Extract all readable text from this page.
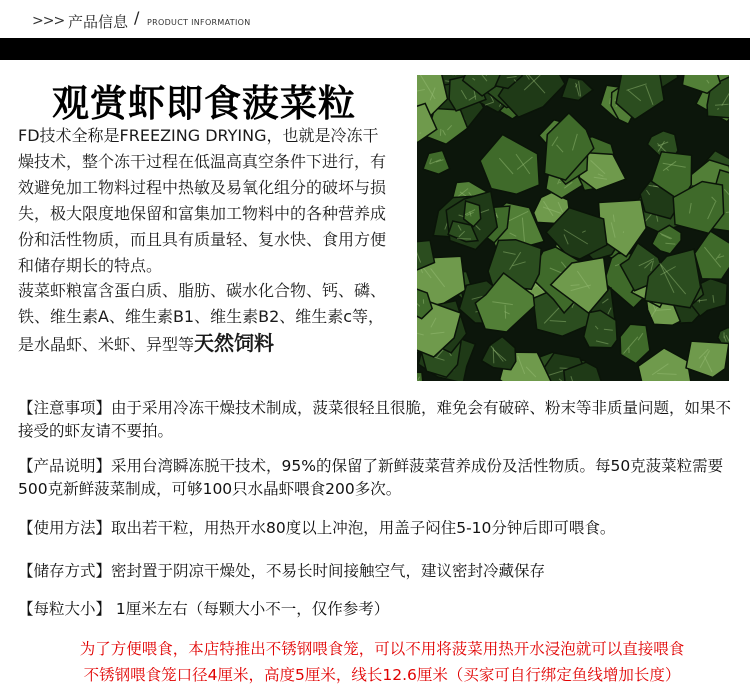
>>> 产品信息 / PRODUCT INFORMATION
观赏虾即食菠菜粒
FD技术全称是FREEZING DRYING，也就是冷冻干燥技术，整个冻干过程在低温高真空条件下进行，有效避免加工物料过程中热敏及易氧化组分的破坏与损失，极大限度地保留和富集加工物料中的各种营养成份和活性物质，而且具有质量轻、复水快、食用方便和储存期长的特点。
菠菜虾粮富含蛋白质、脂肪、碳水化合物、钙、磷、铁、维生素A、维生素B1、维生素B2、维生素c等，是水晶虾、米虾、异型等天然饲料
【注意事项】由于采用冷冻干燥技术制成，菠菜很轻且很脆，难免会有破碎、粉末等非质量问题，如果不接受的虾友请不要拍。
【产品说明】采用台湾瞬冻脱干技术，95%的保留了新鲜菠菜营养成份及活性物质。每50克菠菜粒需要500克新鲜菠菜制成，可够100只水晶虾喂食200多次。
【使用方法】取出若干粒，用热开水80度以上冲泡，用盖子闷住5-10分钟后即可喂食。
【储存方式】密封置于阴凉干燥处，不易长时间接触空气，建议密封冷藏保存
【每粒大小】 1厘米左右（每颗大小不一，仅作参考）
为了方便喂食，本店特推出不锈钢喂食笼，可以不用将菠菜用热开水浸泡就可以直接喂食
不锈钢喂食笼口径4厘米，高度5厘米，线长12.6厘米（买家可自行绑定鱼线增加长度）
